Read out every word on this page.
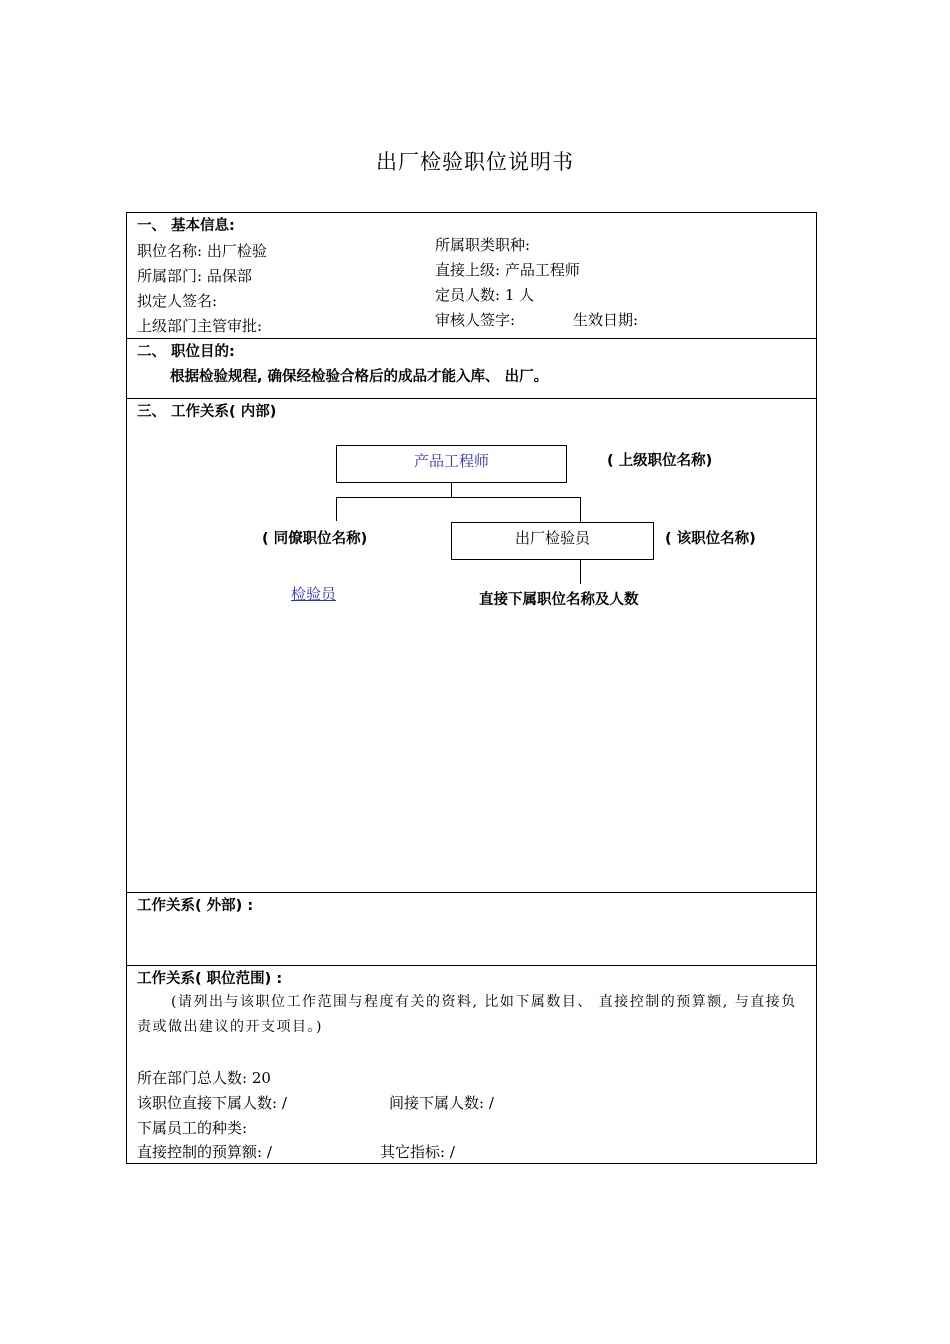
出厂检验职位说明书
一、 基本信息:
职位名称: 出厂检验
所属部门: 品保部
拟定人签名:
上级部门主管审批:
所属职类职种:
直接上级: 产品工程师
定员人数: 1 人
审核人签字:	生效日期:
二、 职位目的:
根据检验规程, 确保经检验合格后的成品才能入库、 出厂。
三、 工作关系( 内部)
产品工程师	( 上级职位名称)
( 同僚职位名称)	出厂检验员	( 该职位名称)
检验员	直接下属职位名称及人数
工作关系( 外部) :
工作关系( 职位范围) :
(请列出与该职位工作范围与程度有关的资料, 比如下属数目、 直接控制的预算额, 与直接负责或做出建议的开支项目。)
所在部门总人数: 20
该职位直接下属人数: /	间接下属人数: /
下属员工的种类:
直接控制的预算额: /	其它指标: /
